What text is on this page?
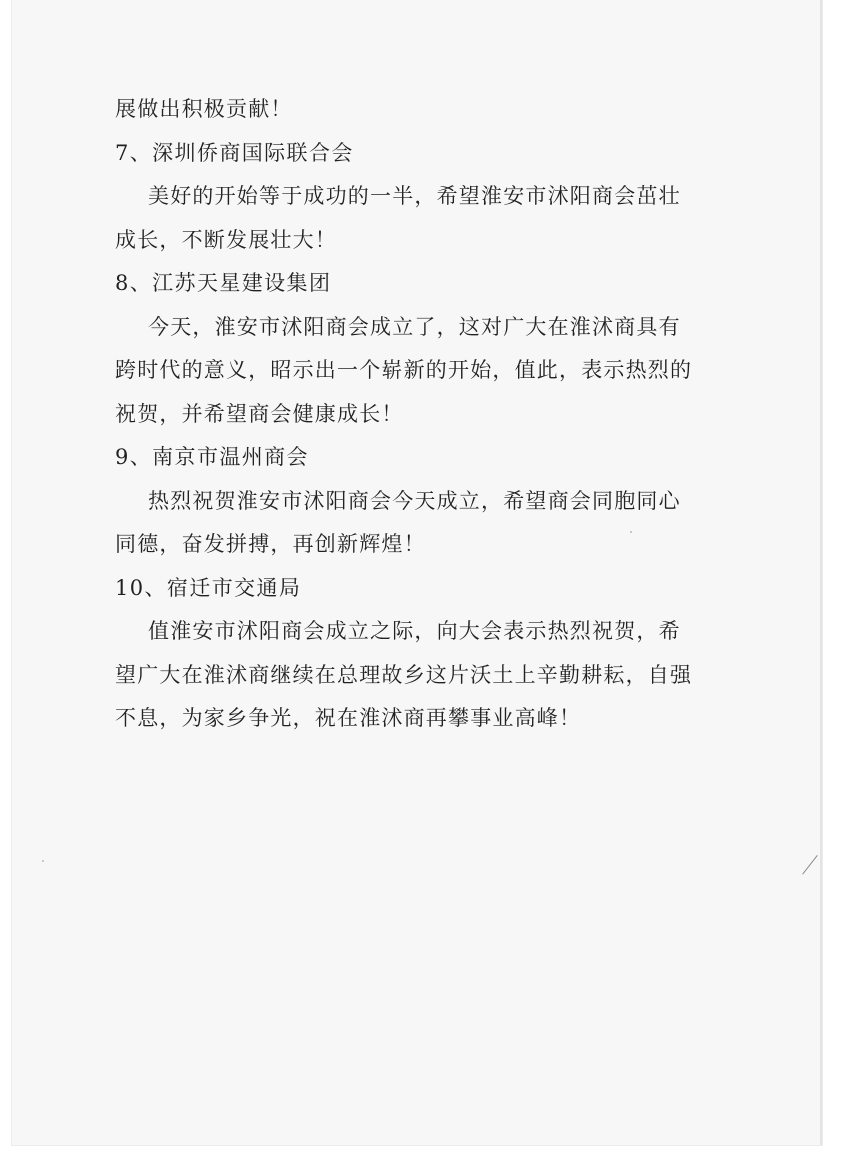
展做出积极贡献！

7、深圳侨商国际联合会

美好的开始等于成功的一半，希望淮安市沭阳商会茁壮

成长，不断发展壮大！

8、江苏天星建设集团

今天，淮安市沭阳商会成立了，这对广大在淮沭商具有

跨时代的意义，昭示出一个崭新的开始，值此，表示热烈的

祝贺，并希望商会健康成长！

9、南京市温州商会

热烈祝贺淮安市沭阳商会今天成立，希望商会同胞同心

同德，奋发拼搏，再创新辉煌！

10、宿迁市交通局

值淮安市沭阳商会成立之际，向大会表示热烈祝贺，希

望广大在淮沭商继续在总理故乡这片沃土上辛勤耕耘，自强

不息，为家乡争光，祝在淮沭商再攀事业高峰！
